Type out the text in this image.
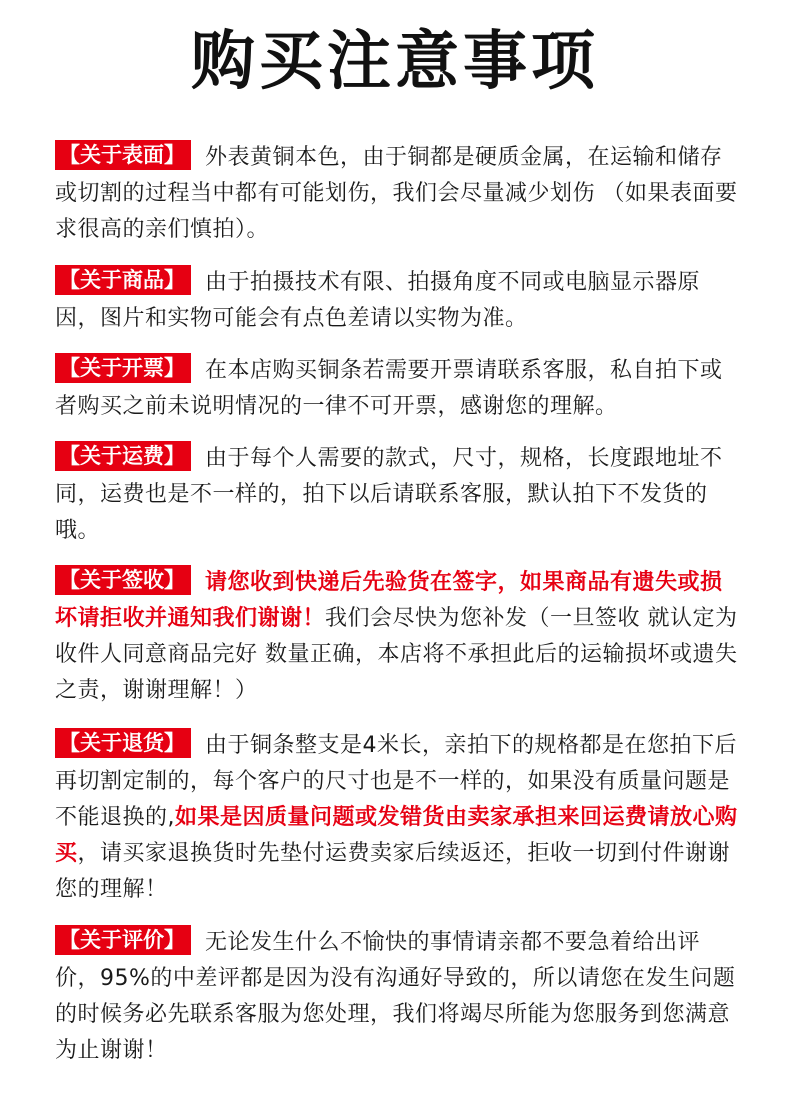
购买注意事项

【关于表面】 外表黄铜本色，由于铜都是硬质金属，在运输和储存或切割的过程当中都有可能划伤，我们会尽量减少划伤 （如果表面要求很高的亲们慎拍）。

【关于商品】 由于拍摄技术有限、拍摄角度不同或电脑显示器原因，图片和实物可能会有点色差请以实物为准。

【关于开票】 在本店购买铜条若需要开票请联系客服，私自拍下或者购买之前未说明情况的一律不可开票，感谢您的理解。

【关于运费】 由于每个人需要的款式，尺寸，规格，长度跟地址不同，运费也是不一样的，拍下以后请联系客服，默认拍下不发货的哦。

【关于签收】 请您收到快递后先验货在签字，如果商品有遗失或损坏请拒收并通知我们谢谢！我们会尽快为您补发（一旦签收 就认定为收件人同意商品完好 数量正确，本店将不承担此后的运输损坏或遗失之责，谢谢理解！）

【关于退货】 由于铜条整支是4米长，亲拍下的规格都是在您拍下后再切割定制的，每个客户的尺寸也是不一样的，如果没有质量问题是不能退换的,如果是因质量问题或发错货由卖家承担来回运费请放心购买，请买家退换货时先垫付运费卖家后续返还，拒收一切到付件谢谢您的理解！

【关于评价】 无论发生什么不愉快的事情请亲都不要急着给出评价，95%的中差评都是因为没有沟通好导致的，所以请您在发生问题的时候务必先联系客服为您处理，我们将竭尽所能为您服务到您满意为止谢谢！
